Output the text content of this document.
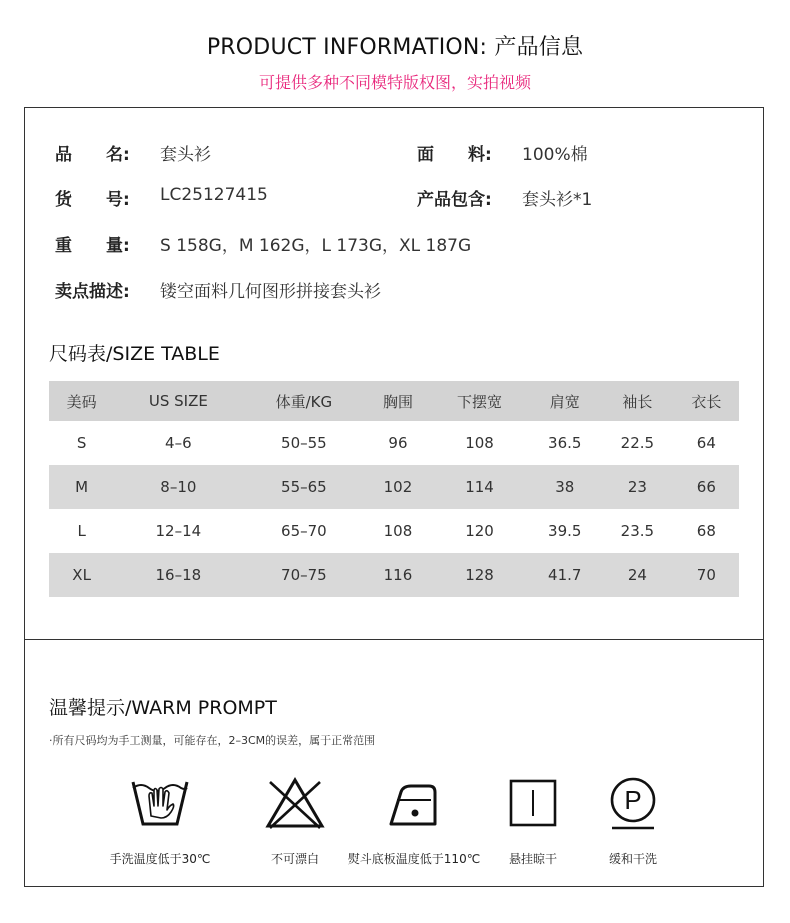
PRODUCT INFORMATION: 产品信息
可提供多种不同模特版权图，实拍视频
品　　名: 套头衫	面　　料: 100%棉
货　　号: LC25127415	产品包含: 套头衫*1
重　　量: S 158G，M 162G，L 173G，XL 187G
卖点描述: 镂空面料几何图形拼接套头衫
尺码表/SIZE TABLE
美码	US SIZE	体重/KG	胸围	下摆宽	肩宽	袖长	衣长
S	4–6	50–55	96	108	36.5	22.5	64
M	8–10	55–65	102	114	38	23	66
L	12–14	65–70	108	120	39.5	23.5	68
XL	16–18	70–75	116	128	41.7	24	70
温馨提示/WARM PROMPT
·所有尺码均为手工测量，可能存在，2–3CM的误差，属于正常范围
手洗温度低于30℃	不可漂白	熨斗底板温度低于110℃	悬挂晾干
P
缓和干洗
